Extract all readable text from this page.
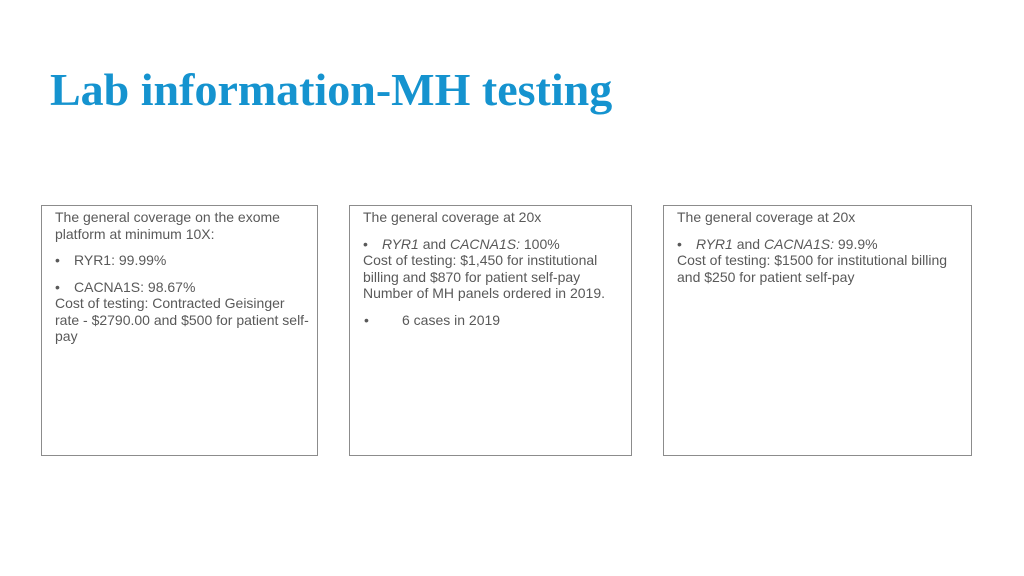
Lab information-MH testing

The general coverage on the exome platform at minimum 10X:

•	RYR1: 99.99%
•	CACNA1S: 98.67%

Cost of testing: Contracted Geisinger rate - $2790.00 and $500 for patient self-pay

The general coverage at 20x

•	RYR1 and CACNA1S: 100%

Cost of testing: $1,450 for institutional billing and $870 for patient self-pay

Number of MH panels ordered in 2019.

•	6 cases in 2019

The general coverage at 20x

•	RYR1 and CACNA1S: 99.9%

Cost of testing: $1500 for institutional billing and $250 for patient self-pay
